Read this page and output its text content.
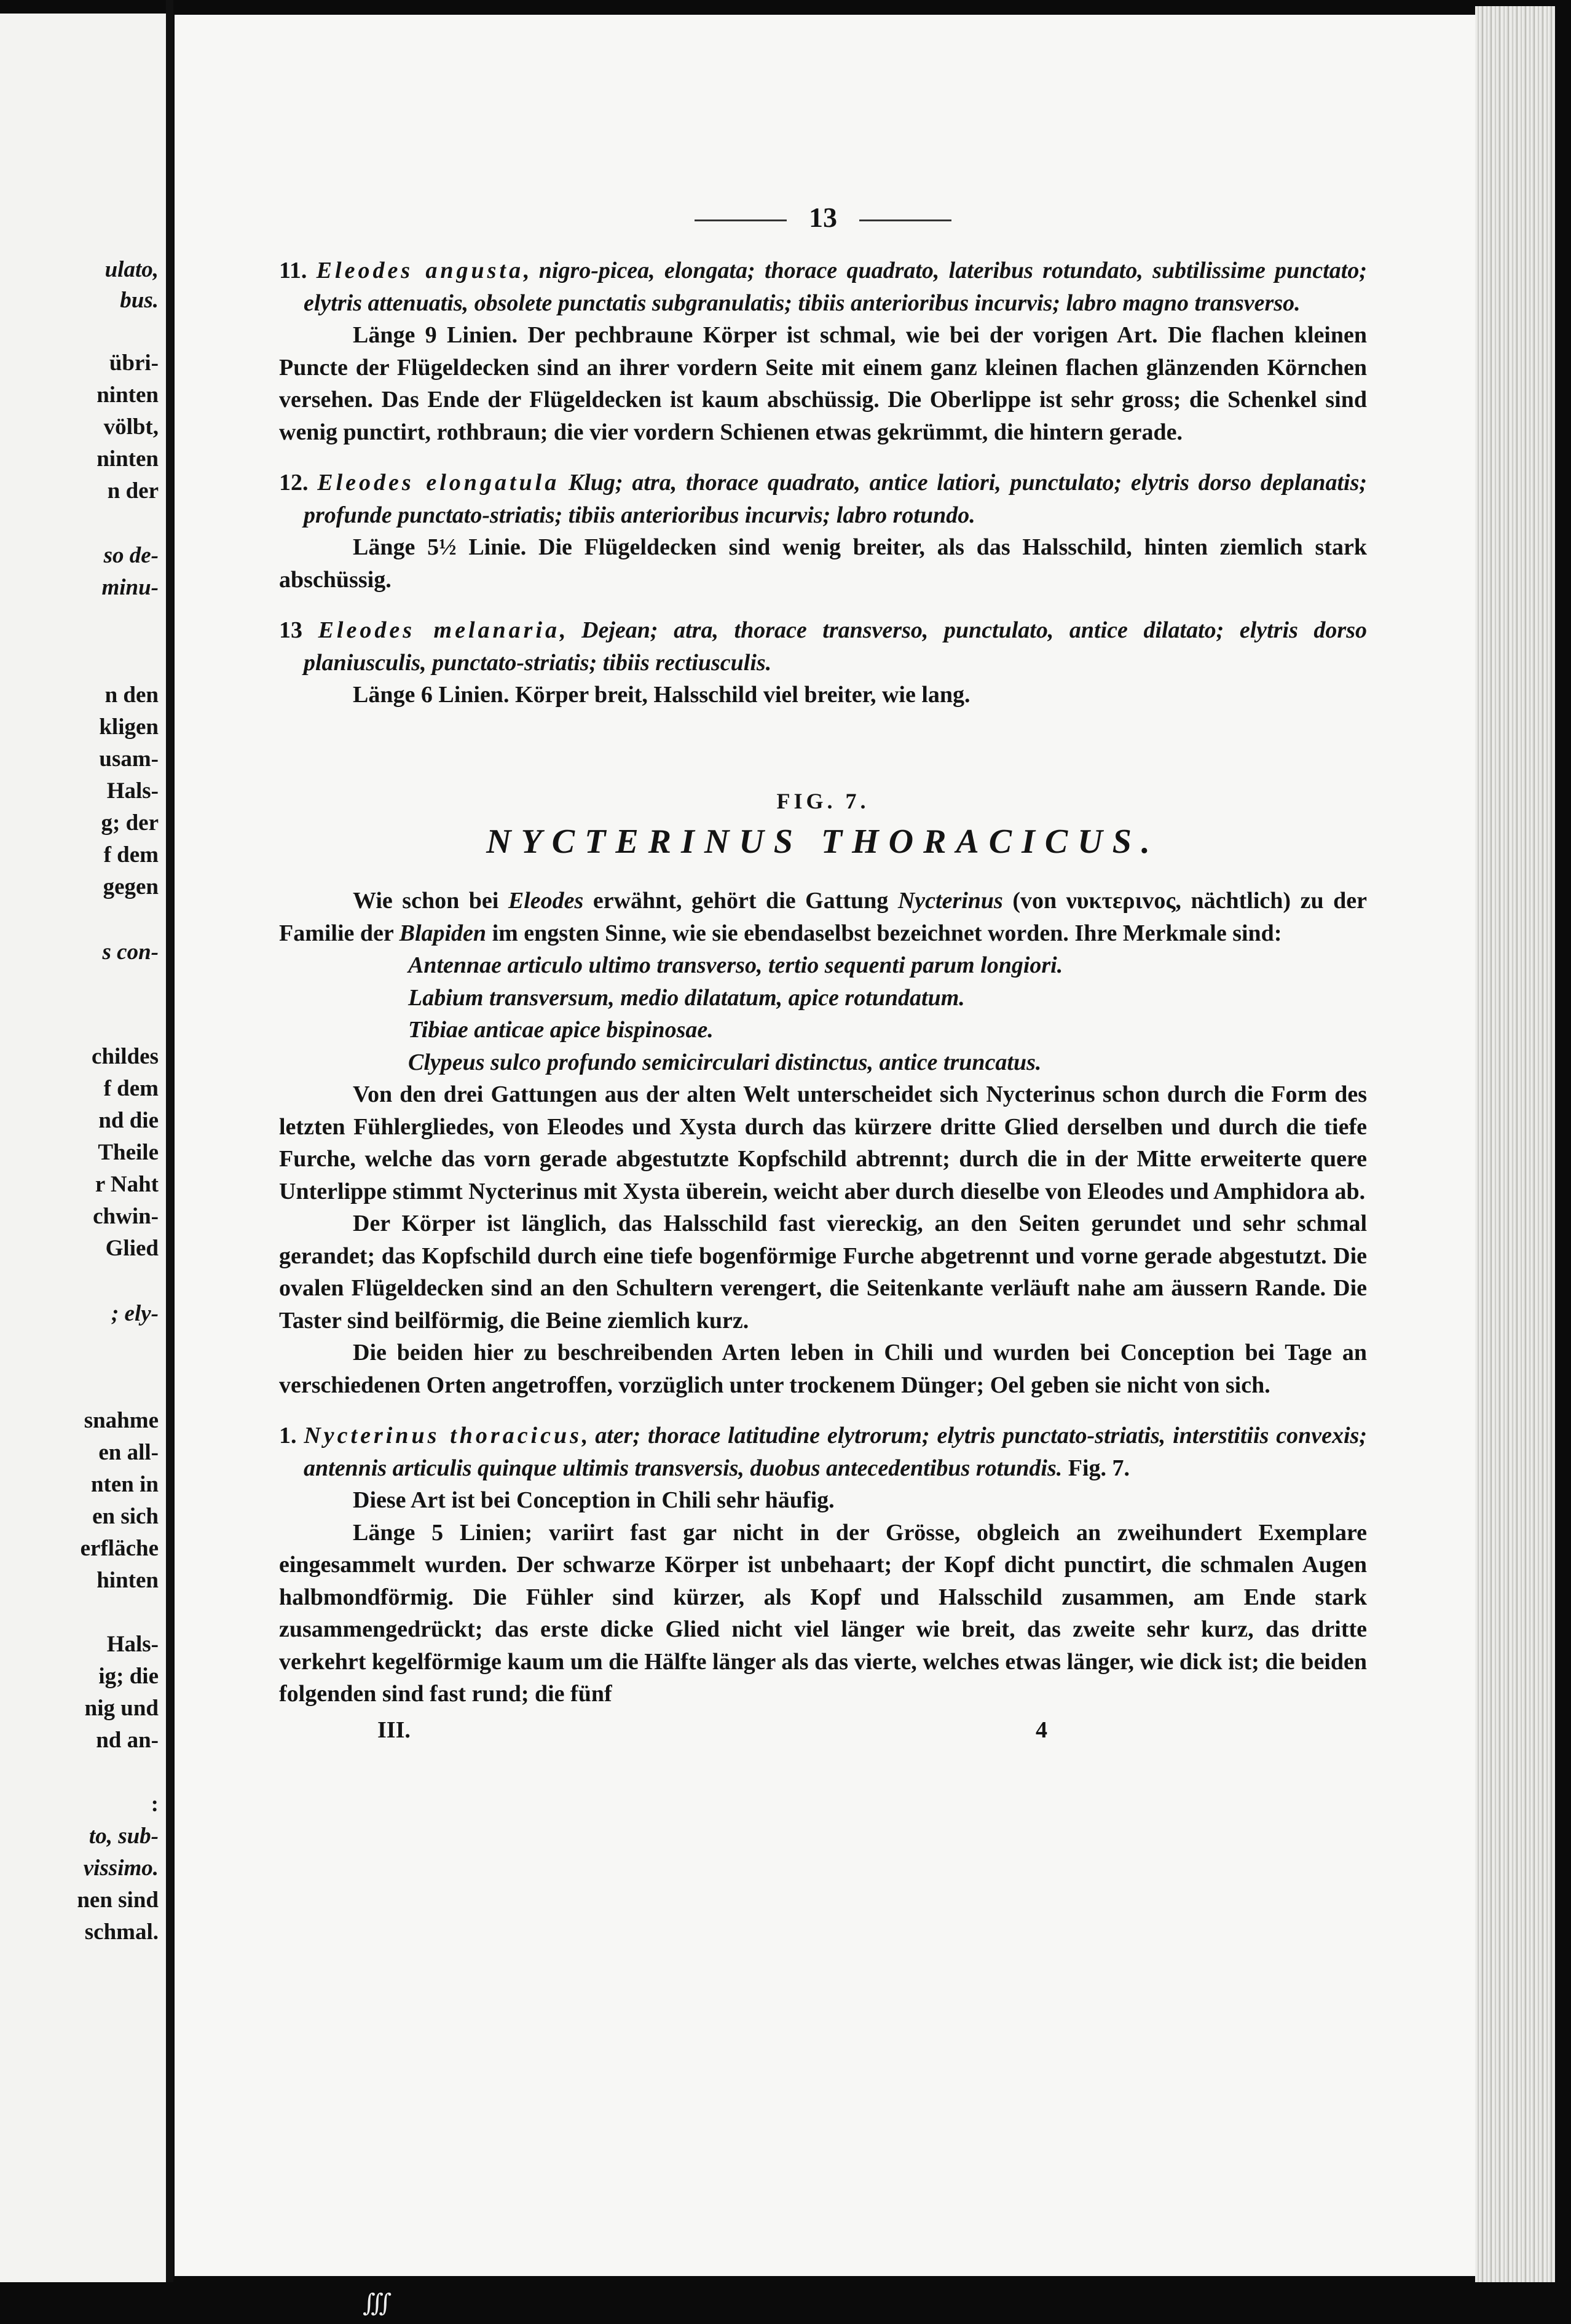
ulato,
bus.
übri-
ninten
völbt,
ninten
n der
so de-
minu-
n den
kligen
usam-
Hals-
g; der
f dem
gegen
s con-
childes
f dem
nd die
Theile
r Naht
chwin-
Glied
; ely-
snahme
en all-
nten in
en sich
erfläche
hinten
Hals-
ig; die
nig und
nd an-
:
to, sub-
vissimo.
nen sind
schmal.

13

11. Eleodes angusta, nigro-picea, elongata; thorace quadrato, lateribus rotundato, subtilissime punctato; elytris attenuatis, obsolete punctatis subgranulatis; tibiis anterioribus incurvis; labro magno transverso.

Länge 9 Linien. Der pechbraune Körper ist schmal, wie bei der vorigen Art. Die flachen kleinen Puncte der Flügeldecken sind an ihrer vordern Seite mit einem ganz kleinen flachen glänzenden Körnchen versehen. Das Ende der Flügeldecken ist kaum abschüssig. Die Oberlippe ist sehr gross; die Schenkel sind wenig punctirt, rothbraun; die vier vordern Schienen etwas gekrümmt, die hintern gerade.

12. Eleodes elongatula Klug; atra, thorace quadrato, antice latiori, punctulato; elytris dorso deplanatis; profunde punctato-striatis; tibiis anterioribus incurvis; labro rotundo.

Länge 5½ Linie. Die Flügeldecken sind wenig breiter, als das Halsschild, hinten ziemlich stark abschüssig.

13 Eleodes melanaria, Dejean; atra, thorace transverso, punctulato, antice dilatato; elytris dorso planiusculis, punctato-striatis; tibiis rectiusculis.

Länge 6 Linien. Körper breit, Halsschild viel breiter, wie lang.

FIG. 7.

NYCTERINUS THORACICUS.

Wie schon bei Eleodes erwähnt, gehört die Gattung Nycterinus (von νυκτεριvος, nächtlich) zu der Familie der Blapiden im engsten Sinne, wie sie ebendaselbst bezeichnet worden. Ihre Merkmale sind:

Antennae articulo ultimo transverso, tertio sequenti parum longiori.

Labium transversum, medio dilatatum, apice rotundatum.

Tibiae anticae apice bispinosae.

Clypeus sulco profundo semicirculari distinctus, antice truncatus.

Von den drei Gattungen aus der alten Welt unterscheidet sich Nycterinus schon durch die Form des letzten Fühlergliedes, von Eleodes und Xysta durch das kürzere dritte Glied derselben und durch die tiefe Furche, welche das vorn gerade abgestutzte Kopfschild abtrennt; durch die in der Mitte erweiterte quere Unterlippe stimmt Nycterinus mit Xysta überein, weicht aber durch dieselbe von Eleodes und Amphidora ab.

Der Körper ist länglich, das Halsschild fast viereckig, an den Seiten gerundet und sehr schmal gerandet; das Kopfschild durch eine tiefe bogenförmige Furche abgetrennt und vorne gerade abgestutzt. Die ovalen Flügeldecken sind an den Schultern verengert, die Seitenkante verläuft nahe am äussern Rande. Die Taster sind beilförmig, die Beine ziemlich kurz.

Die beiden hier zu beschreibenden Arten leben in Chili und wurden bei Conception bei Tage an verschiedenen Orten angetroffen, vorzüglich unter trockenem Dünger; Oel geben sie nicht von sich.

1. Nycterinus thoracicus, ater; thorace latitudine elytrorum; elytris punctato-striatis, interstitiis convexis; antennis articulis quinque ultimis transversis, duobus antecedentibus rotundis. Fig. 7.

Diese Art ist bei Conception in Chili sehr häufig.

Länge 5 Linien; variirt fast gar nicht in der Grösse, obgleich an zweihundert Exemplare eingesammelt wurden. Der schwarze Körper ist unbehaart; der Kopf dicht punctirt, die schmalen Augen halbmondförmig. Die Fühler sind kürzer, als Kopf und Halsschild zusammen, am Ende stark zusammengedrückt; das erste dicke Glied nicht viel länger wie breit, das zweite sehr kurz, das dritte verkehrt kegelförmige kaum um die Hälfte länger als das vierte, welches etwas länger, wie dick ist; die beiden folgenden sind fast rund; die fünf

III.	4
∭
